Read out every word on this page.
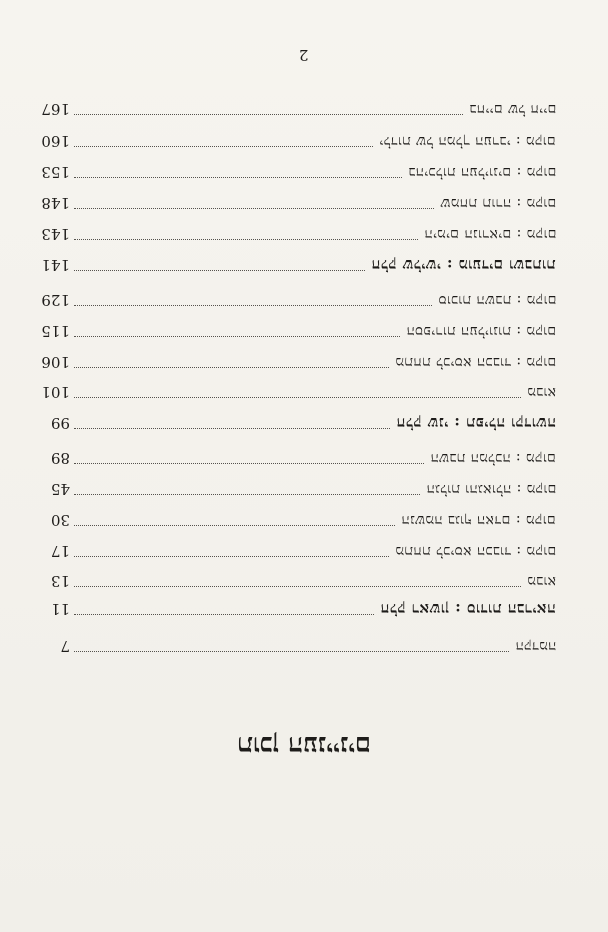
2
167	בחיים של חיים
160	ילדות של המלך הערבי : מקום
153	בהיכלות העליונים : מקום
148	שמחת תורה : מקום
143	הימים הנוראים : מקום
141	חלק שלישי : מועדים ושבתות
129	סוכות השבת : מקום
115	הספירות העליונות : מקום
106	מתחת לכיסא הכבוד : מקום
101	מבוא
99	חלק שני : תפילה וקדושה
89	השבת המלכה : מקום
45	הגלות והגאולה : מקום
30	הנשמה בגוף האדם : מקום
17	מתחת לכיסא הכבוד : מקום
13	מבוא
11	חלק ראשון : סודות הבריאה
7	הקדמה
תוכן העניינים
